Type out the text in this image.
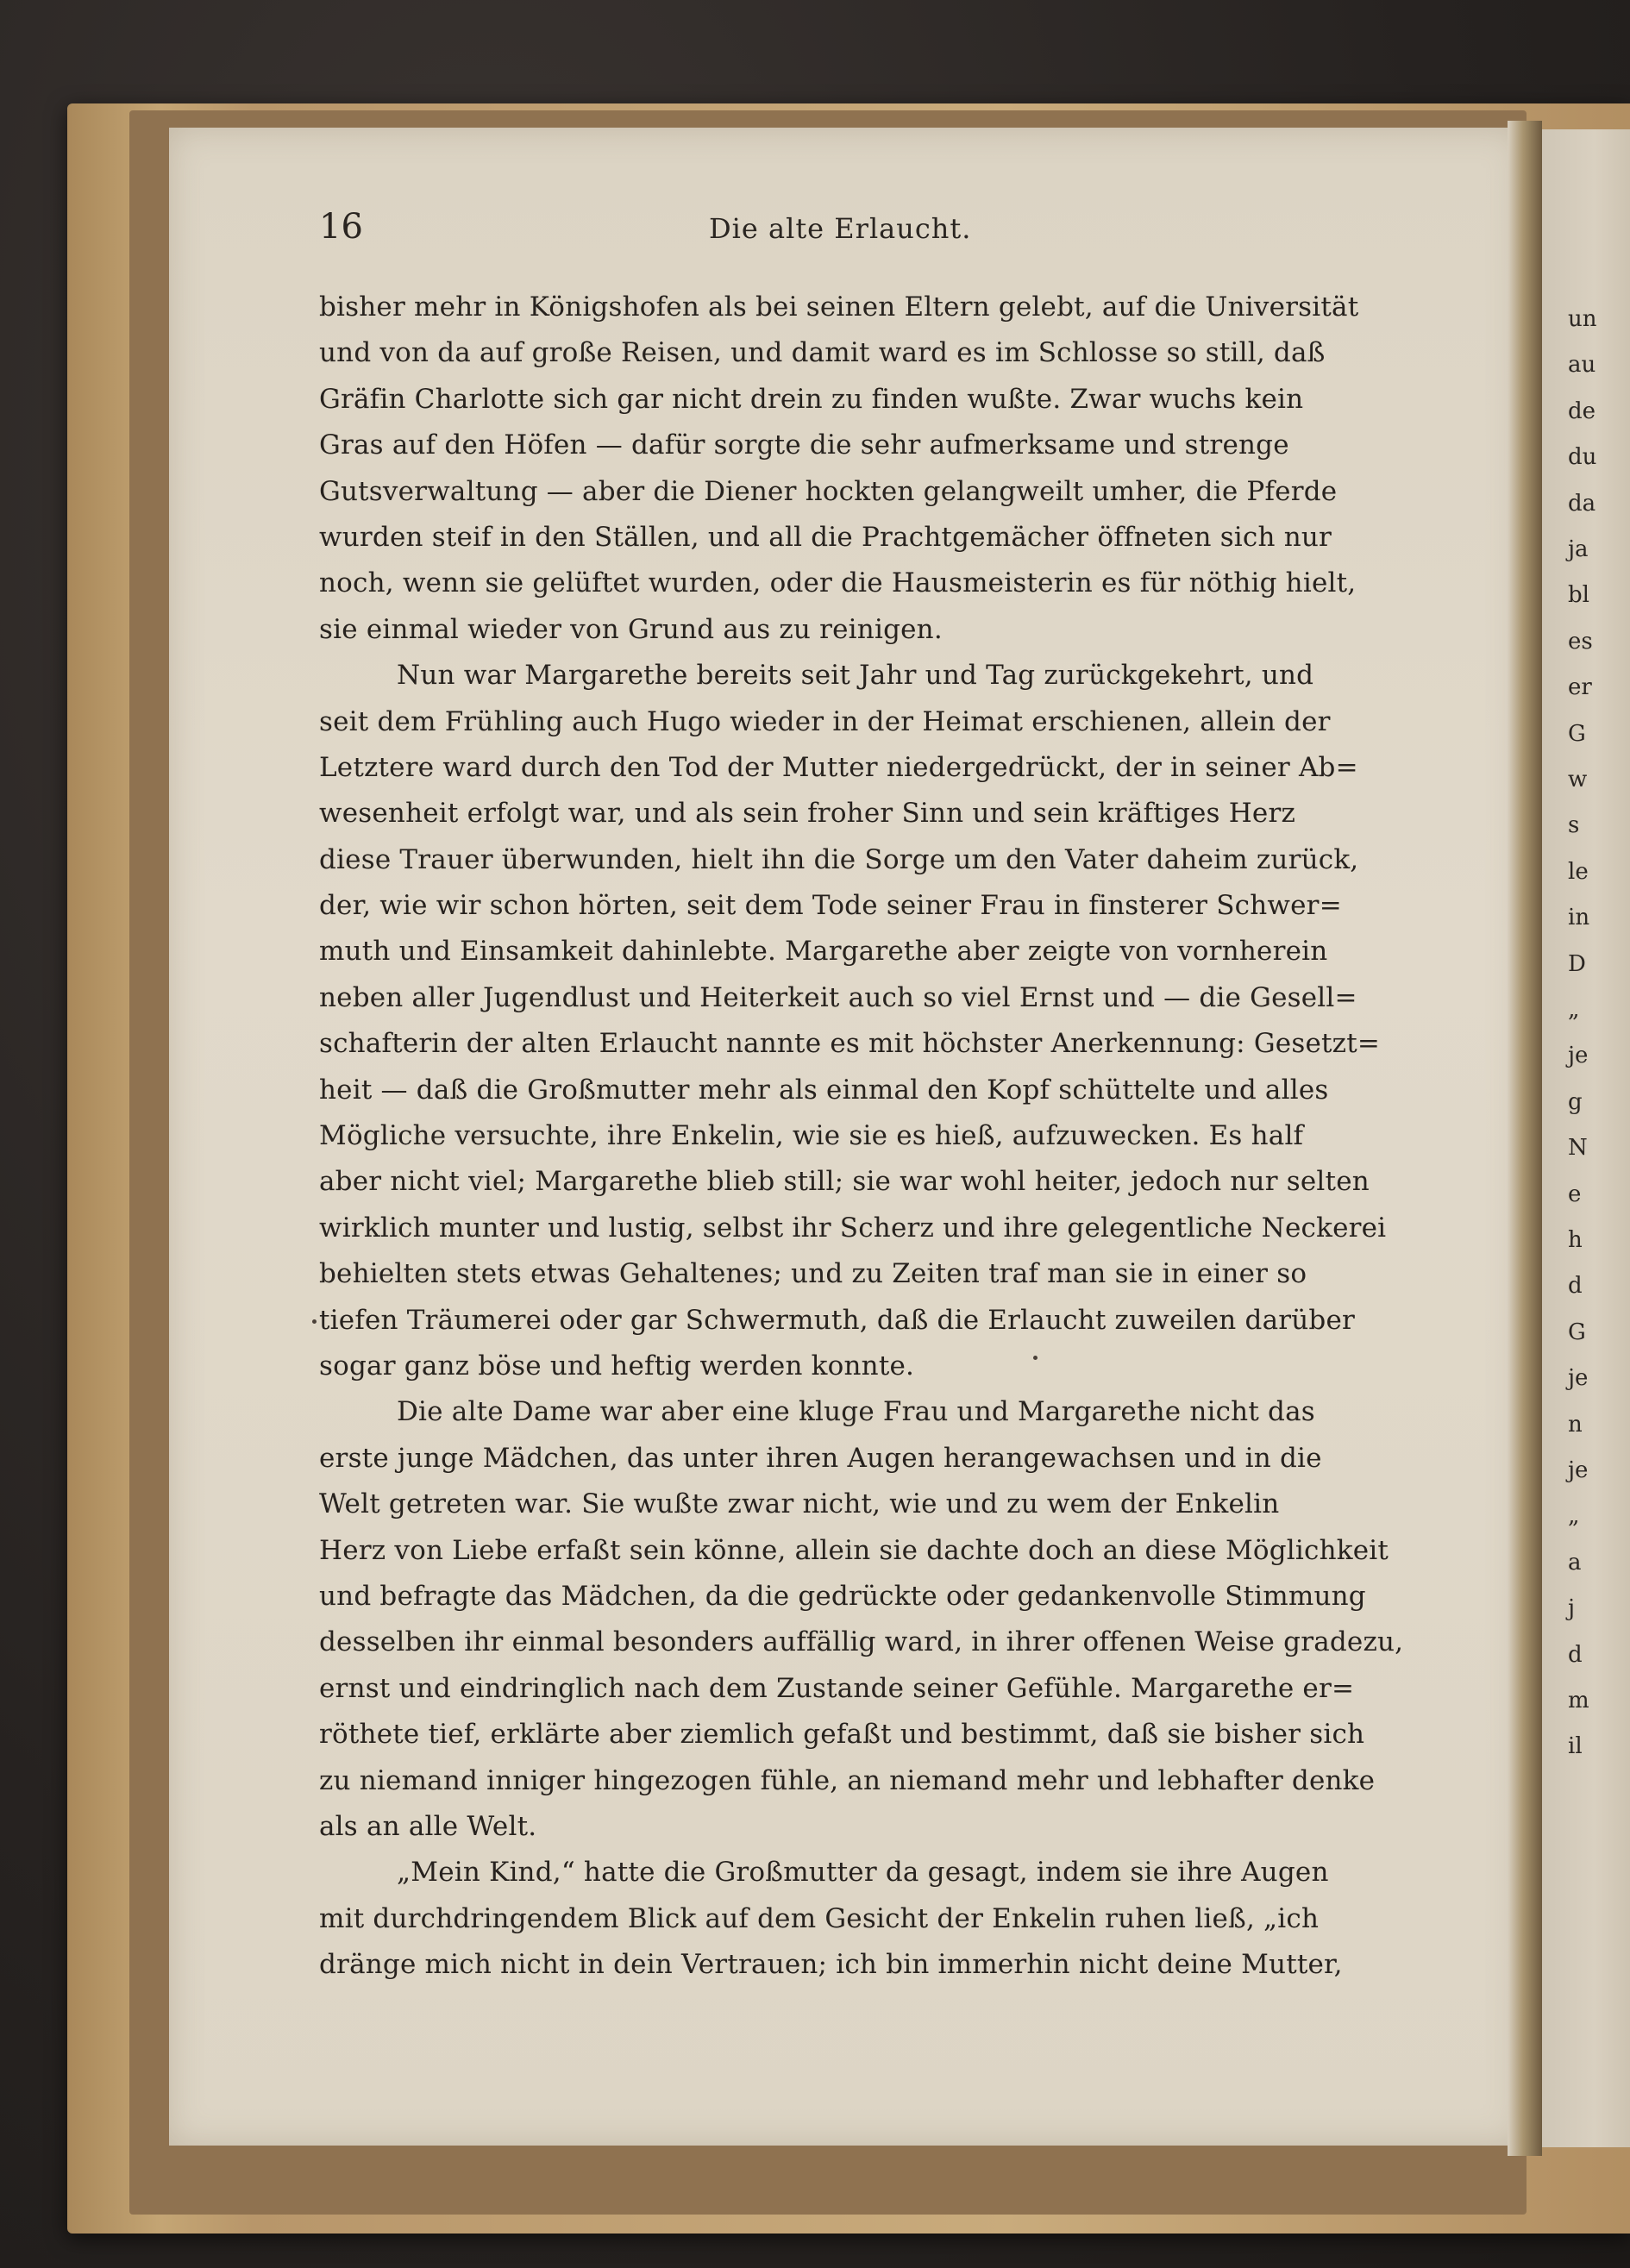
un
au
de
du
da
ja
bl
es
er
G
w
s
le
in
D
„
je
g
N
e
h
d
G
je
n
je
„
a
j
d
m
il
16	Die alte Erlaucht.
bisher mehr in Königshofen als bei seinen Eltern gelebt, auf die Universität
und von da auf große Reisen, und damit ward es im Schlosse so still, daß
Gräfin Charlotte sich gar nicht drein zu finden wußte. Zwar wuchs kein
Gras auf den Höfen — dafür sorgte die sehr aufmerksame und strenge
Gutsverwaltung — aber die Diener hockten gelangweilt umher, die Pferde
wurden steif in den Ställen, und all die Prachtgemächer öffneten sich nur
noch, wenn sie gelüftet wurden, oder die Hausmeisterin es für nöthig hielt,
sie einmal wieder von Grund aus zu reinigen.
Nun war Margarethe bereits seit Jahr und Tag zurückgekehrt, und
seit dem Frühling auch Hugo wieder in der Heimat erschienen, allein der
Letztere ward durch den Tod der Mutter niedergedrückt, der in seiner Ab=
wesenheit erfolgt war, und als sein froher Sinn und sein kräftiges Herz
diese Trauer überwunden, hielt ihn die Sorge um den Vater daheim zurück,
der, wie wir schon hörten, seit dem Tode seiner Frau in finsterer Schwer=
muth und Einsamkeit dahinlebte. Margarethe aber zeigte von vornherein
neben aller Jugendlust und Heiterkeit auch so viel Ernst und — die Gesell=
schafterin der alten Erlaucht nannte es mit höchster Anerkennung: Gesetzt=
heit — daß die Großmutter mehr als einmal den Kopf schüttelte und alles
Mögliche versuchte, ihre Enkelin, wie sie es hieß, aufzuwecken. Es half
aber nicht viel; Margarethe blieb still; sie war wohl heiter, jedoch nur selten
wirklich munter und lustig, selbst ihr Scherz und ihre gelegentliche Neckerei
behielten stets etwas Gehaltenes; und zu Zeiten traf man sie in einer so
tiefen Träumerei oder gar Schwermuth, daß die Erlaucht zuweilen darüber
sogar ganz böse und heftig werden konnte.
Die alte Dame war aber eine kluge Frau und Margarethe nicht das
erste junge Mädchen, das unter ihren Augen herangewachsen und in die
Welt getreten war. Sie wußte zwar nicht, wie und zu wem der Enkelin
Herz von Liebe erfaßt sein könne, allein sie dachte doch an diese Möglichkeit
und befragte das Mädchen, da die gedrückte oder gedankenvolle Stimmung
desselben ihr einmal besonders auffällig ward, in ihrer offenen Weise gradezu,
ernst und eindringlich nach dem Zustande seiner Gefühle. Margarethe er=
röthete tief, erklärte aber ziemlich gefaßt und bestimmt, daß sie bisher sich
zu niemand inniger hingezogen fühle, an niemand mehr und lebhafter denke
als an alle Welt.
„Mein Kind,“ hatte die Großmutter da gesagt, indem sie ihre Augen
mit durchdringendem Blick auf dem Gesicht der Enkelin ruhen ließ, „ich
dränge mich nicht in dein Vertrauen; ich bin immerhin nicht deine Mutter,
